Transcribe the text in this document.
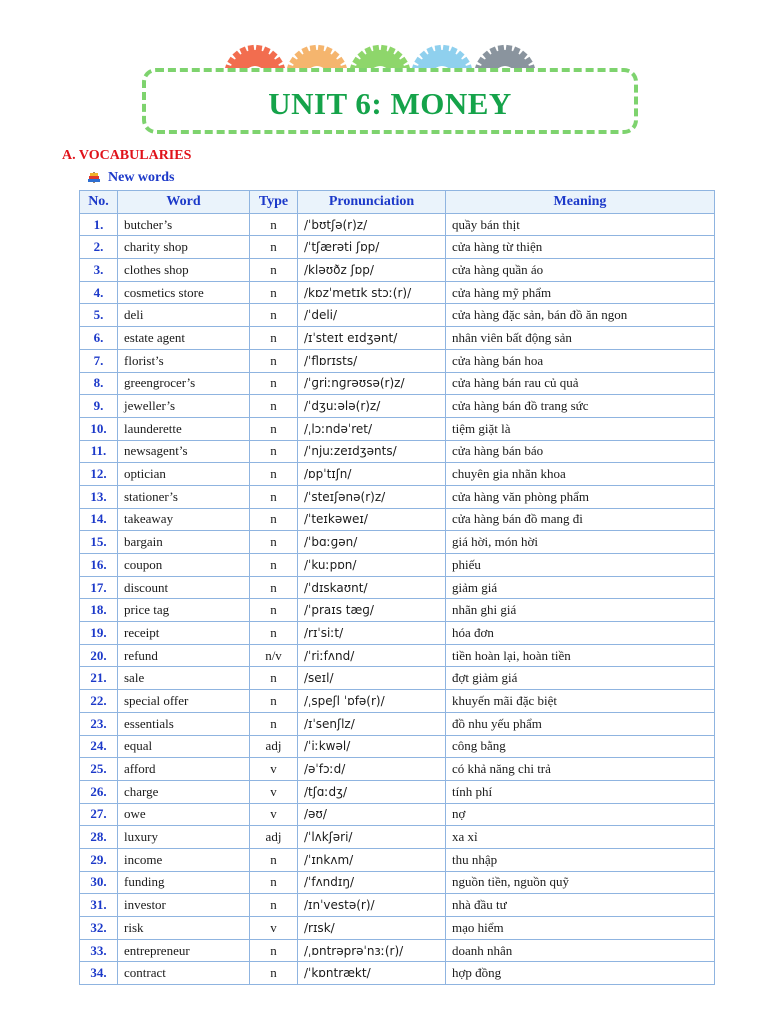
UNIT 6: MONEY
A. VOCABULARIES
New words
No.	Word	Type	Pronunciation	Meaning
1.	butcher’s	n	/ˈbʊtʃə(r)z/	quầy bán thịt
2.	charity shop	n	/ˈtʃærəti ʃɒp/	cửa hàng từ thiện
3.	clothes shop	n	/kləʊðz ʃɒp/	cửa hàng quần áo
4.	cosmetics store	n	/kɒzˈmetɪk stɔː(r)/	cửa hàng mỹ phẩm
5.	deli	n	/ˈdeli/	cửa hàng đặc sản, bán đồ ăn ngon
6.	estate agent	n	/ɪˈsteɪt eɪdʒənt/	nhân viên bất động sản
7.	florist’s	n	/ˈflɒrɪsts/	cửa hàng bán hoa
8.	greengrocer’s	n	/ˈɡriːnɡrəʊsə(r)z/	cửa hàng bán rau củ quả
9.	jeweller’s	n	/ˈdʒuːələ(r)z/	cửa hàng bán đồ trang sức
10.	launderette	n	/ˌlɔːndəˈret/	tiệm giặt là
11.	newsagent’s	n	/ˈnjuːzeɪdʒənts/	cửa hàng bán báo
12.	optician	n	/ɒpˈtɪʃn/	chuyên gia nhãn khoa
13.	stationer’s	n	/ˈsteɪʃənə(r)z/	cửa hàng văn phòng phẩm
14.	takeaway	n	/ˈteɪkəweɪ/	cửa hàng bán đồ mang đi
15.	bargain	n	/ˈbɑːɡən/	giá hời, món hời
16.	coupon	n	/ˈkuːpɒn/	phiếu
17.	discount	n	/ˈdɪskaʊnt/	giảm giá
18.	price tag	n	/ˈpraɪs tæɡ/	nhãn ghi giá
19.	receipt	n	/rɪˈsiːt/	hóa đơn
20.	refund	n/v	/ˈriːfʌnd/	tiền hoàn lại, hoàn tiền
21.	sale	n	/seɪl/	đợt giảm giá
22.	special offer	n	/ˌspeʃl ˈɒfə(r)/	khuyến mãi đặc biệt
23.	essentials	n	/ɪˈsenʃlz/	đồ nhu yếu phẩm
24.	equal	adj	/ˈiːkwəl/	công bằng
25.	afford	v	/əˈfɔːd/	có khả năng chi trả
26.	charge	v	/tʃɑːdʒ/	tính phí
27.	owe	v	/əʊ/	nợ
28.	luxury	adj	/ˈlʌkʃəri/	xa xỉ
29.	income	n	/ˈɪnkʌm/	thu nhập
30.	funding	n	/ˈfʌndɪŋ/	nguồn tiền, nguồn quỹ
31.	investor	n	/ɪnˈvestə(r)/	nhà đầu tư
32.	risk	v	/rɪsk/	mạo hiểm
33.	entrepreneur	n	/ˌɒntrəprəˈnɜː(r)/	doanh nhân
34.	contract	n	/ˈkɒntrækt/	hợp đồng
